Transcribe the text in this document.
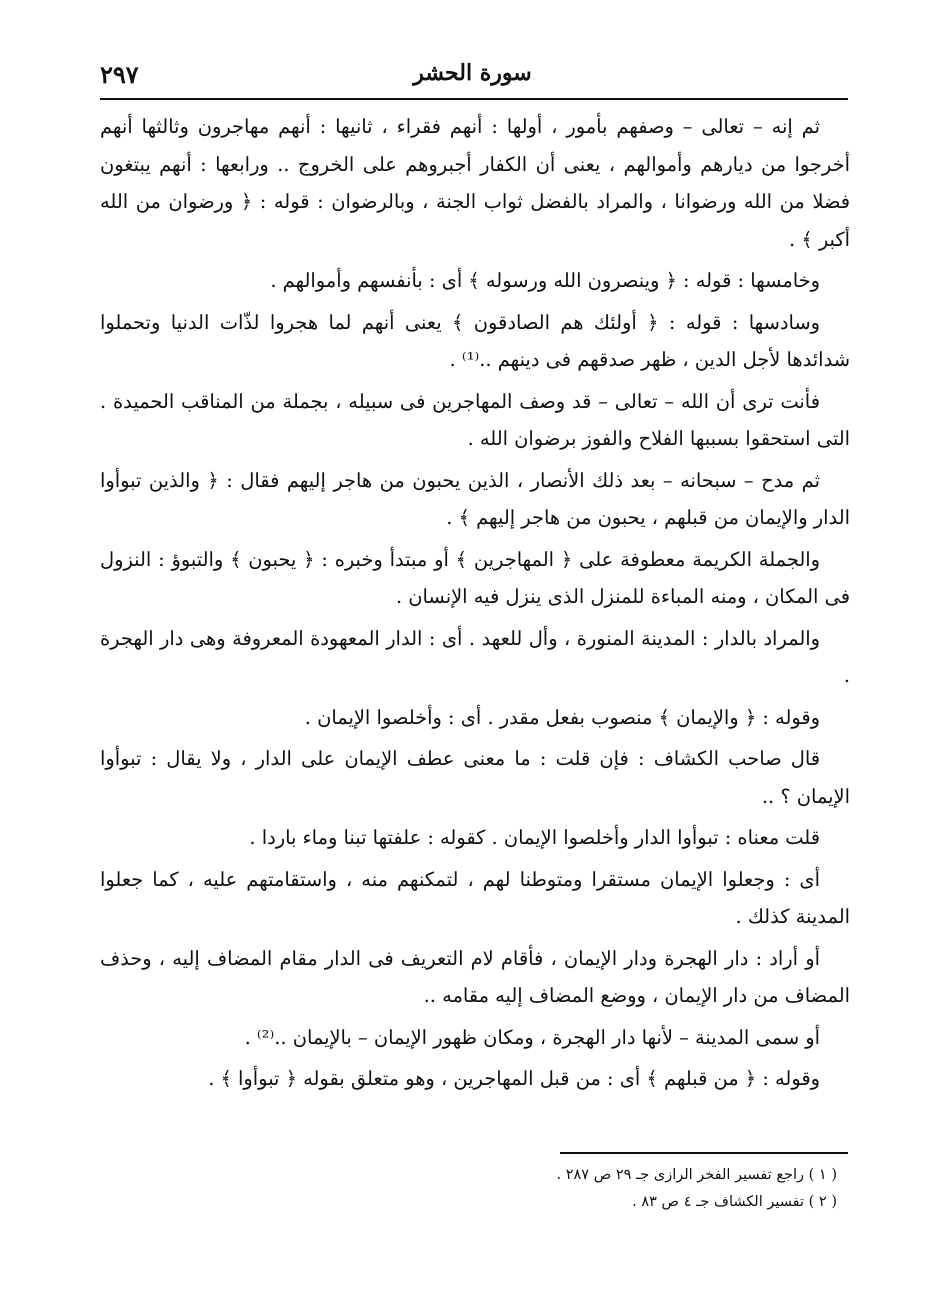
سورة الحشر
٢٩٧

ثم إنه – تعالى – وصفهم بأمور ، أولها : أنهم فقراء ، ثانيها : أنهم مهاجرون وثالثها أنهم أخرجوا من ديارهم وأموالهم ، يعنى أن الكفار أجبروهم على الخروج .. ورابعها : أنهم يبتغون فضلا من الله ورضوانا ، والمراد بالفضل ثواب الجنة ، وبالرضوان : قوله : ﴿ ورضوان من الله أكبر ﴾ .

وخامسها : قوله : ﴿ وينصرون الله ورسوله ﴾ أى : بأنفسهم وأموالهم .

وسادسها : قوله : ﴿ أولئك هم الصادقون ﴾ يعنى أنهم لما هجروا لذّات الدنيا وتحملوا شدائدها لأجل الدين ، ظهر صدقهم فى دينهم ..⁽¹⁾ .

فأنت ترى أن الله – تعالى – قد وصف المهاجرين فى سبيله ، بجملة من المناقب الحميدة . التى استحقوا بسببها الفلاح والفوز برضوان الله .

ثم مدح – سبحانه – بعد ذلك الأنصار ، الذين يحبون من هاجر إليهم فقال : ﴿ والذين تبوأوا الدار والإيمان من قبلهم ، يحبون من هاجر إليهم ﴾ .

والجملة الكريمة معطوفة على ﴿ المهاجرين ﴾ أو مبتدأ وخبره : ﴿ يحبون ﴾ والتبوؤ : النزول فى المكان ، ومنه المباءة للمنزل الذى ينزل فيه الإنسان .

والمراد بالدار : المدينة المنورة ، وأل للعهد . أى : الدار المعهودة المعروفة وهى دار الهجرة .

وقوله : ﴿ والإيمان ﴾ منصوب بفعل مقدر . أى : وأخلصوا الإيمان .

قال صاحب الكشاف : فإن قلت : ما معنى عطف الإيمان على الدار ، ولا يقال : تبوأوا الإيمان ؟ ..

قلت معناه : تبوأوا الدار وأخلصوا الإيمان . كقوله : علفتها تبنا وماء باردا .

أى : وجعلوا الإيمان مستقرا ومتوطنا لهم ، لتمكنهم منه ، واستقامتهم عليه ، كما جعلوا المدينة كذلك .

أو أراد : دار الهجرة ودار الإيمان ، فأقام لام التعريف فى الدار مقام المضاف إليه ، وحذف المضاف من دار الإيمان ، ووضع المضاف إليه مقامه ..

أو سمى المدينة – لأنها دار الهجرة ، ومكان ظهور الإيمان – بالإيمان ..⁽²⁾ .

وقوله : ﴿ من قبلهم ﴾ أى : من قبل المهاجرين ، وهو متعلق بقوله ﴿ تبوأوا ﴾ .

( ١ ) راجع تفسير الفخر الرازى جـ ٢٩ ص ٢٨٧ .
( ٢ ) تفسير الكشاف جـ ٤ ص ٨٣ .
